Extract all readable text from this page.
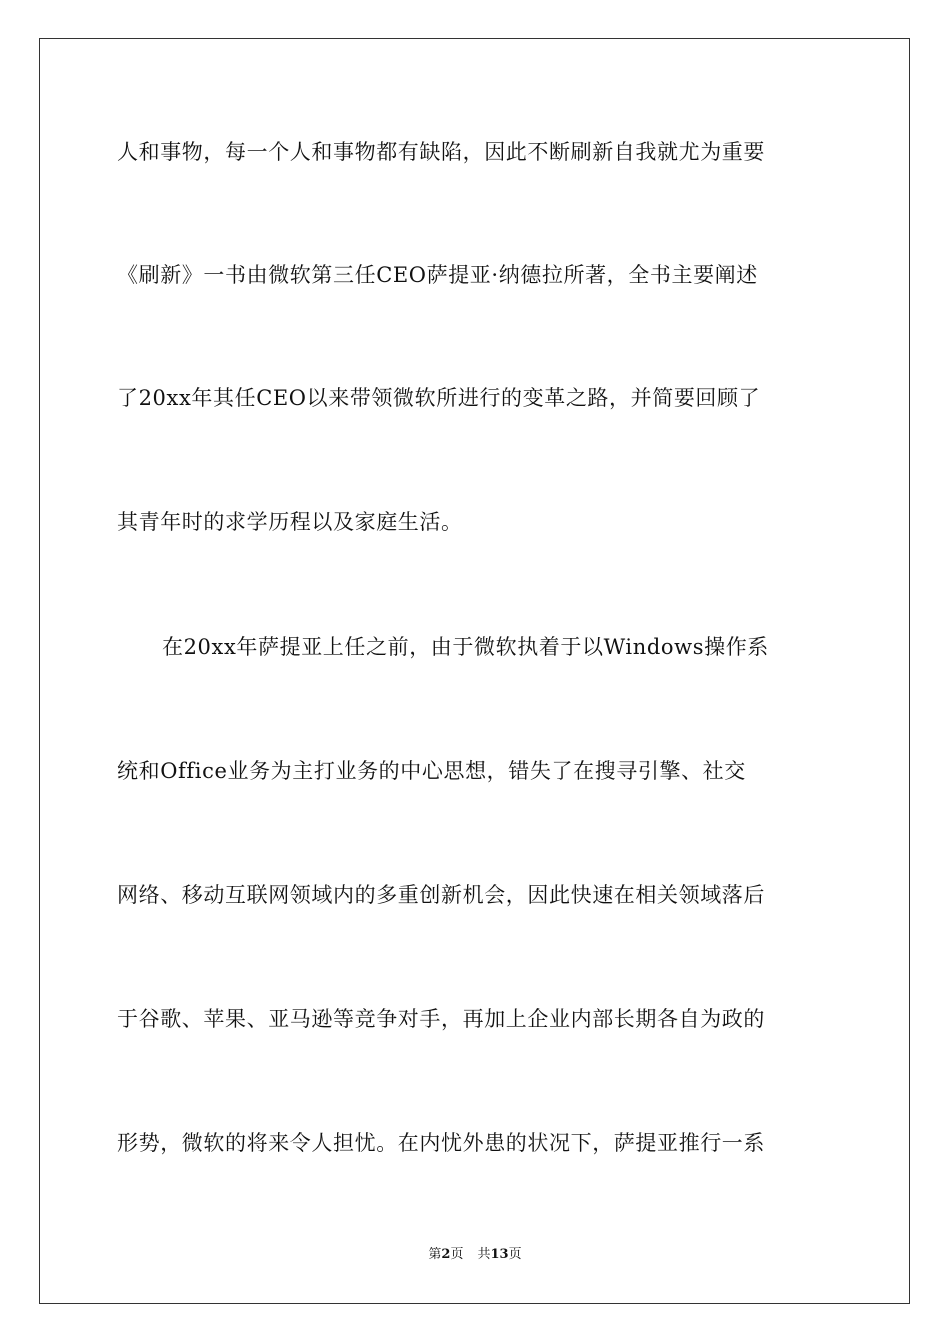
人和事物，每一个人和事物都有缺陷，因此不断刷新自我就尤为重要
《刷新》一书由微软第三任CEO萨提亚·纳德拉所著，全书主要阐述
了20xx年其任CEO以来带领微软所进行的变革之路，并简要回顾了
其青年时的求学历程以及家庭生活。
在20xx年萨提亚上任之前，由于微软执着于以Windows操作系
统和Office业务为主打业务的中心思想，错失了在搜寻引擎、社交
网络、移动互联网领域内的多重创新机会，因此快速在相关领域落后
于谷歌、苹果、亚马逊等竞争对手，再加上企业内部长期各自为政的
形势，微软的将来令人担忧。在内忧外患的状况下，萨提亚推行一系
第2页 共13页
